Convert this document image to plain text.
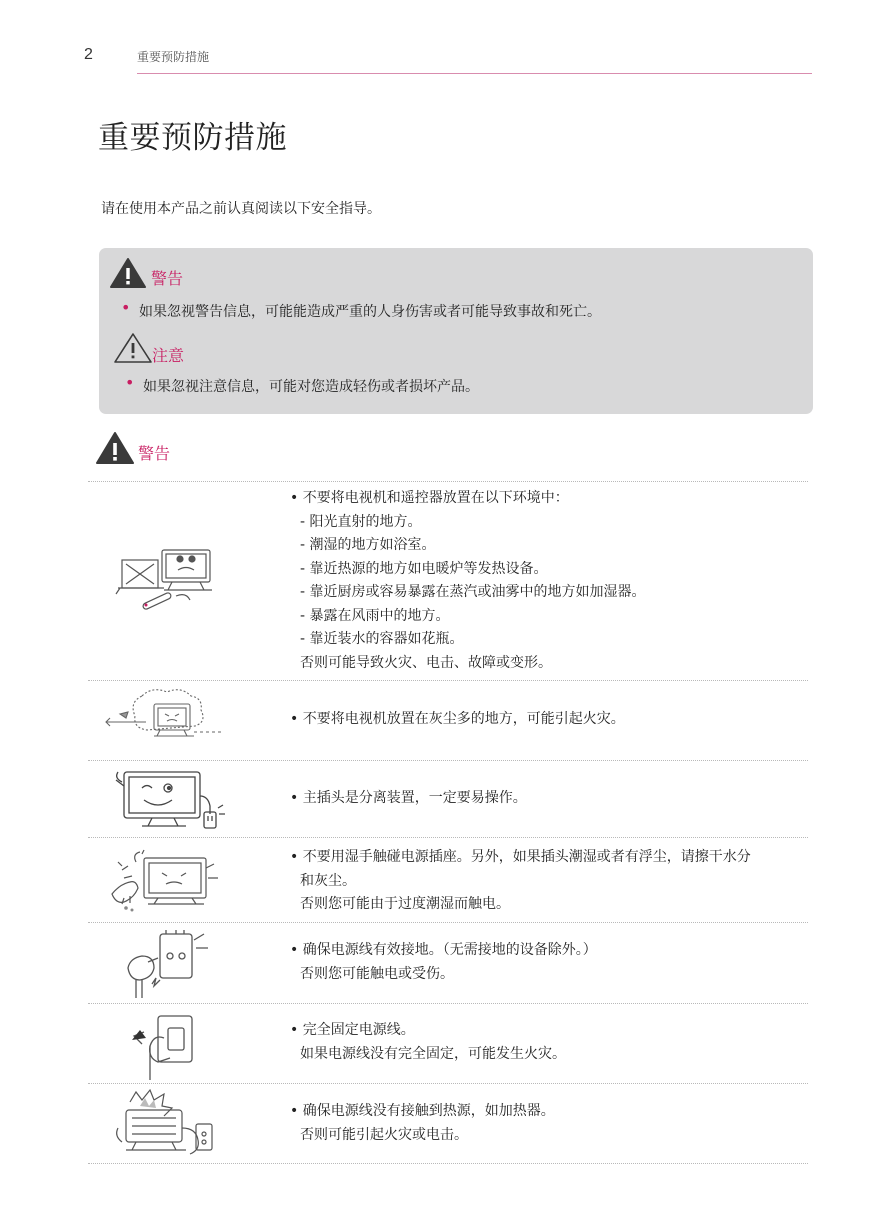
2	重要预防措施
重要预防措施

请在使用本产品之前认真阅读以下安全指导。

警告
• 如果忽视警告信息，可能能造成严重的人身伤害或者可能导致事故和死亡。
注意
• 如果忽视注意信息，可能对您造成轻伤或者损坏产品。
警告
• 不要将电视机和遥控器放置在以下环境中：
- 阳光直射的地方。
- 潮湿的地方如浴室。
- 靠近热源的地方如电暖炉等发热设备。
- 靠近厨房或容易暴露在蒸汽或油雾中的地方如加湿器。
- 暴露在风雨中的地方。
- 靠近装水的容器如花瓶。
否则可能导致火灾、电击、故障或变形。
• 不要将电视机放置在灰尘多的地方，可能引起火灾。
• 主插头是分离装置，一定要易操作。
• 不要用湿手触碰电源插座。另外，如果插头潮湿或者有浮尘，请擦干水分
和灰尘。
否则您可能由于过度潮湿而触电。
• 确保电源线有效接地。（无需接地的设备除外。）
否则您可能触电或受伤。
• 完全固定电源线。
如果电源线没有完全固定，可能发生火灾。
• 确保电源线没有接触到热源，如加热器。
否则可能引起火灾或电击。
